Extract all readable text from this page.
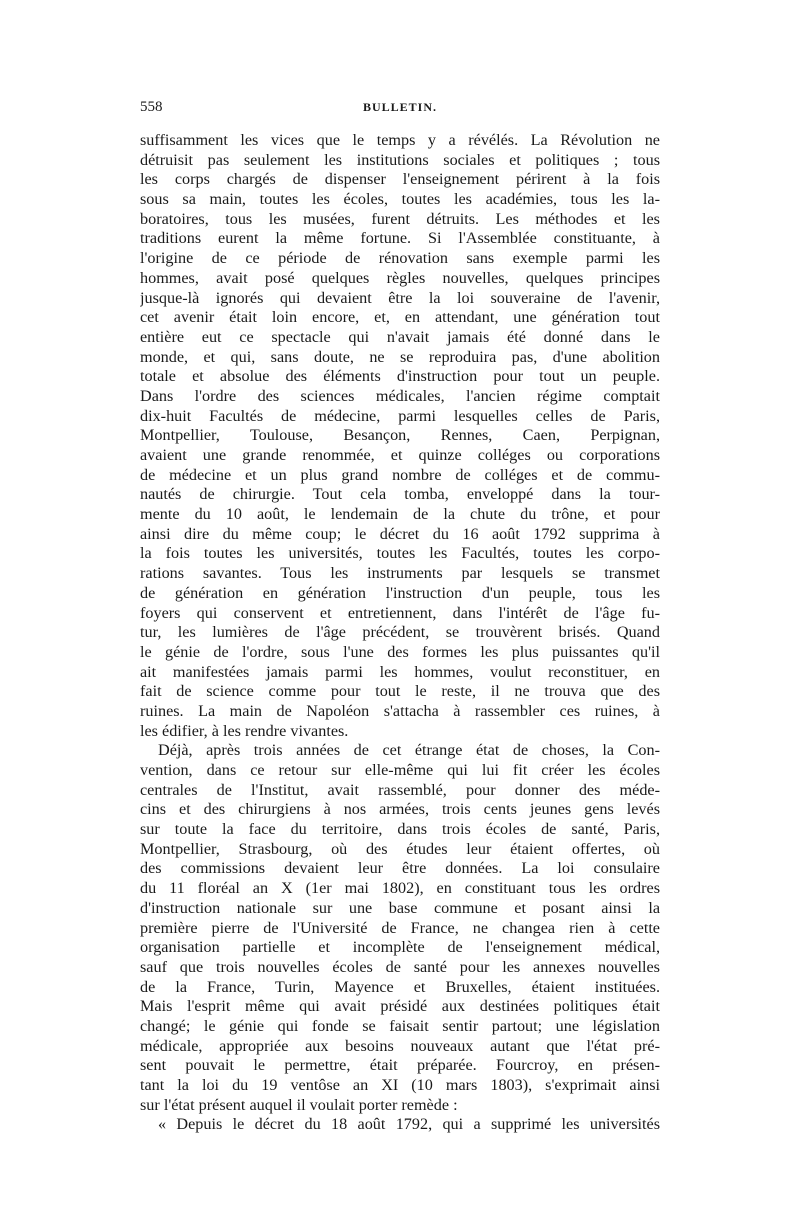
558	BULLETIN.
suffisamment les vices que le temps y a révélés. La Révolution ne
détruisit pas seulement les institutions sociales et politiques ; tous
les corps chargés de dispenser l'enseignement périrent à la fois
sous sa main, toutes les écoles, toutes les académies, tous les la-
boratoires, tous les musées, furent détruits. Les méthodes et les
traditions eurent la même fortune. Si l'Assemblée constituante, à
l'origine de ce période de rénovation sans exemple parmi les
hommes, avait posé quelques règles nouvelles, quelques principes
jusque-là ignorés qui devaient être la loi souveraine de l'avenir,
cet avenir était loin encore, et, en attendant, une génération tout
entière eut ce spectacle qui n'avait jamais été donné dans le
monde, et qui, sans doute, ne se reproduira pas, d'une abolition
totale et absolue des éléments d'instruction pour tout un peuple.
Dans l'ordre des sciences médicales, l'ancien régime comptait
dix-huit Facultés de médecine, parmi lesquelles celles de Paris,
Montpellier, Toulouse, Besançon, Rennes, Caen, Perpignan,
avaient une grande renommée, et quinze colléges ou corporations
de médecine et un plus grand nombre de colléges et de commu-
nautés de chirurgie. Tout cela tomba, enveloppé dans la tour-
mente du 10 août, le lendemain de la chute du trône, et pour
ainsi dire du même coup; le décret du 16 août 1792 supprima à
la fois toutes les universités, toutes les Facultés, toutes les corpo-
rations savantes. Tous les instruments par lesquels se transmet
de génération en génération l'instruction d'un peuple, tous les
foyers qui conservent et entretiennent, dans l'intérêt de l'âge fu-
tur, les lumières de l'âge précédent, se trouvèrent brisés. Quand
le génie de l'ordre, sous l'une des formes les plus puissantes qu'il
ait manifestées jamais parmi les hommes, voulut reconstituer, en
fait de science comme pour tout le reste, il ne trouva que des
ruines. La main de Napoléon s'attacha à rassembler ces ruines, à
les édifier, à les rendre vivantes.
Déjà, après trois années de cet étrange état de choses, la Con-
vention, dans ce retour sur elle-même qui lui fit créer les écoles
centrales de l'Institut, avait rassemblé, pour donner des méde-
cins et des chirurgiens à nos armées, trois cents jeunes gens levés
sur toute la face du territoire, dans trois écoles de santé, Paris,
Montpellier, Strasbourg, où des études leur étaient offertes, où
des commissions devaient leur être données. La loi consulaire
du 11 floréal an X (1er mai 1802), en constituant tous les ordres
d'instruction nationale sur une base commune et posant ainsi la
première pierre de l'Université de France, ne changea rien à cette
organisation partielle et incomplète de l'enseignement médical,
sauf que trois nouvelles écoles de santé pour les annexes nouvelles
de la France, Turin, Mayence et Bruxelles, étaient instituées.
Mais l'esprit même qui avait présidé aux destinées politiques était
changé; le génie qui fonde se faisait sentir partout; une législation
médicale, appropriée aux besoins nouveaux autant que l'état pré-
sent pouvait le permettre, était préparée. Fourcroy, en présen-
tant la loi du 19 ventôse an XI (10 mars 1803), s'exprimait ainsi
sur l'état présent auquel il voulait porter remède :
« Depuis le décret du 18 août 1792, qui a supprimé les universités
